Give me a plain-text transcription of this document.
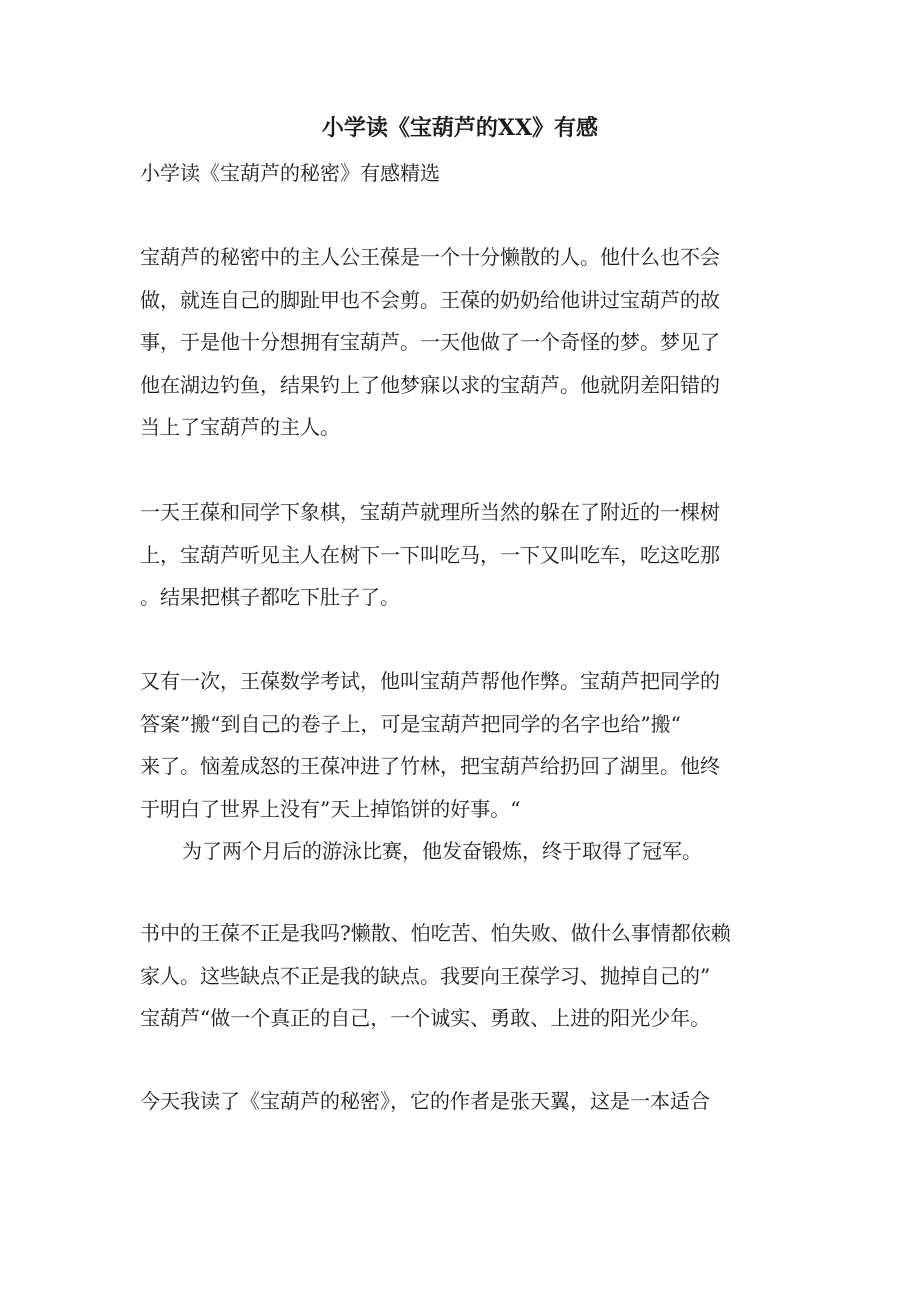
小学读《宝葫芦的XX》有感

小学读《宝葫芦的秘密》有感精选

宝葫芦的秘密中的主人公王葆是一个十分懒散的人。他什么也不会
做，就连自己的脚趾甲也不会剪。王葆的奶奶给他讲过宝葫芦的故
事，于是他十分想拥有宝葫芦。一天他做了一个奇怪的梦。梦见了
他在湖边钓鱼，结果钓上了他梦寐以求的宝葫芦。他就阴差阳错的
当上了宝葫芦的主人。
一天王葆和同学下象棋，宝葫芦就理所当然的躲在了附近的一棵树
上，宝葫芦听见主人在树下一下叫吃马，一下又叫吃车，吃这吃那
。结果把棋子都吃下肚子了。
又有一次，王葆数学考试，他叫宝葫芦帮他作弊。宝葫芦把同学的
答案”搬“到自己的卷子上，可是宝葫芦把同学的名字也给”搬“
来了。恼羞成怒的王葆冲进了竹林，把宝葫芦给扔回了湖里。他终
于明白了世界上没有”天上掉馅饼的好事。“
为了两个月后的游泳比赛，他发奋锻炼，终于取得了冠军。
书中的王葆不正是我吗?懒散、怕吃苦、怕失败、做什么事情都依赖
家人。这些缺点不正是我的缺点。我要向王葆学习、抛掉自己的”
宝葫芦“做一个真正的自己，一个诚实、勇敢、上进的阳光少年。
今天我读了《宝葫芦的秘密》，它的作者是张天翼，这是一本适合
